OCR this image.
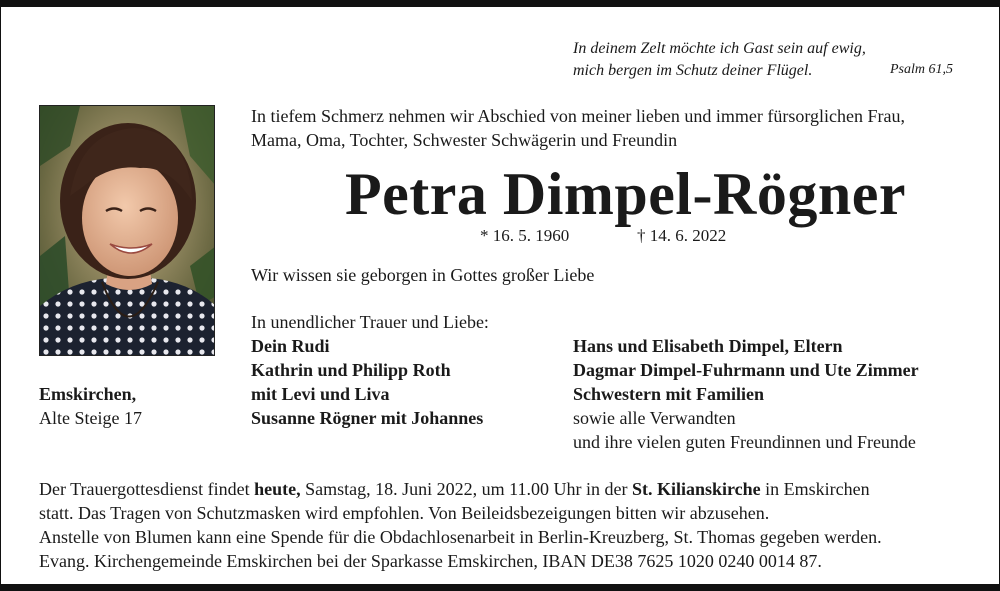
In deinem Zelt möchte ich Gast sein auf ewig,
mich bergen im Schutz deiner Flügel.	Psalm 61,5
In tiefem Schmerz nehmen wir Abschied von meiner lieben und immer fürsorglichen Frau,
Mama, Oma, Tochter, Schwester Schwägerin und Freundin
Petra Dimpel-Rögner
* 16. 5. 1960	† 14. 6. 2022
Wir wissen sie geborgen in Gottes großer Liebe
In unendlicher Trauer und Liebe:
Dein Rudi
Kathrin und Philipp Roth
mit Levi und Liva
Susanne Rögner mit Johannes
Hans und Elisabeth Dimpel, Eltern
Dagmar Dimpel-Fuhrmann und Ute Zimmer
Schwestern mit Familien
sowie alle Verwandten
und ihre vielen guten Freundinnen und Freunde
Emskirchen,
Alte Steige 17
Der Trauergottesdienst findet heute, Samstag, 18. Juni 2022, um 11.00 Uhr in der St. Kilianskirche in Emskirchen
statt. Das Tragen von Schutzmasken wird empfohlen. Von Beileidsbezeigungen bitten wir abzusehen.
Anstelle von Blumen kann eine Spende für die Obdachlosenarbeit in Berlin-Kreuzberg, St. Thomas gegeben werden.
Evang. Kirchengemeinde Emskirchen bei der Sparkasse Emskirchen, IBAN DE38 7625 1020 0240 0014 87.
